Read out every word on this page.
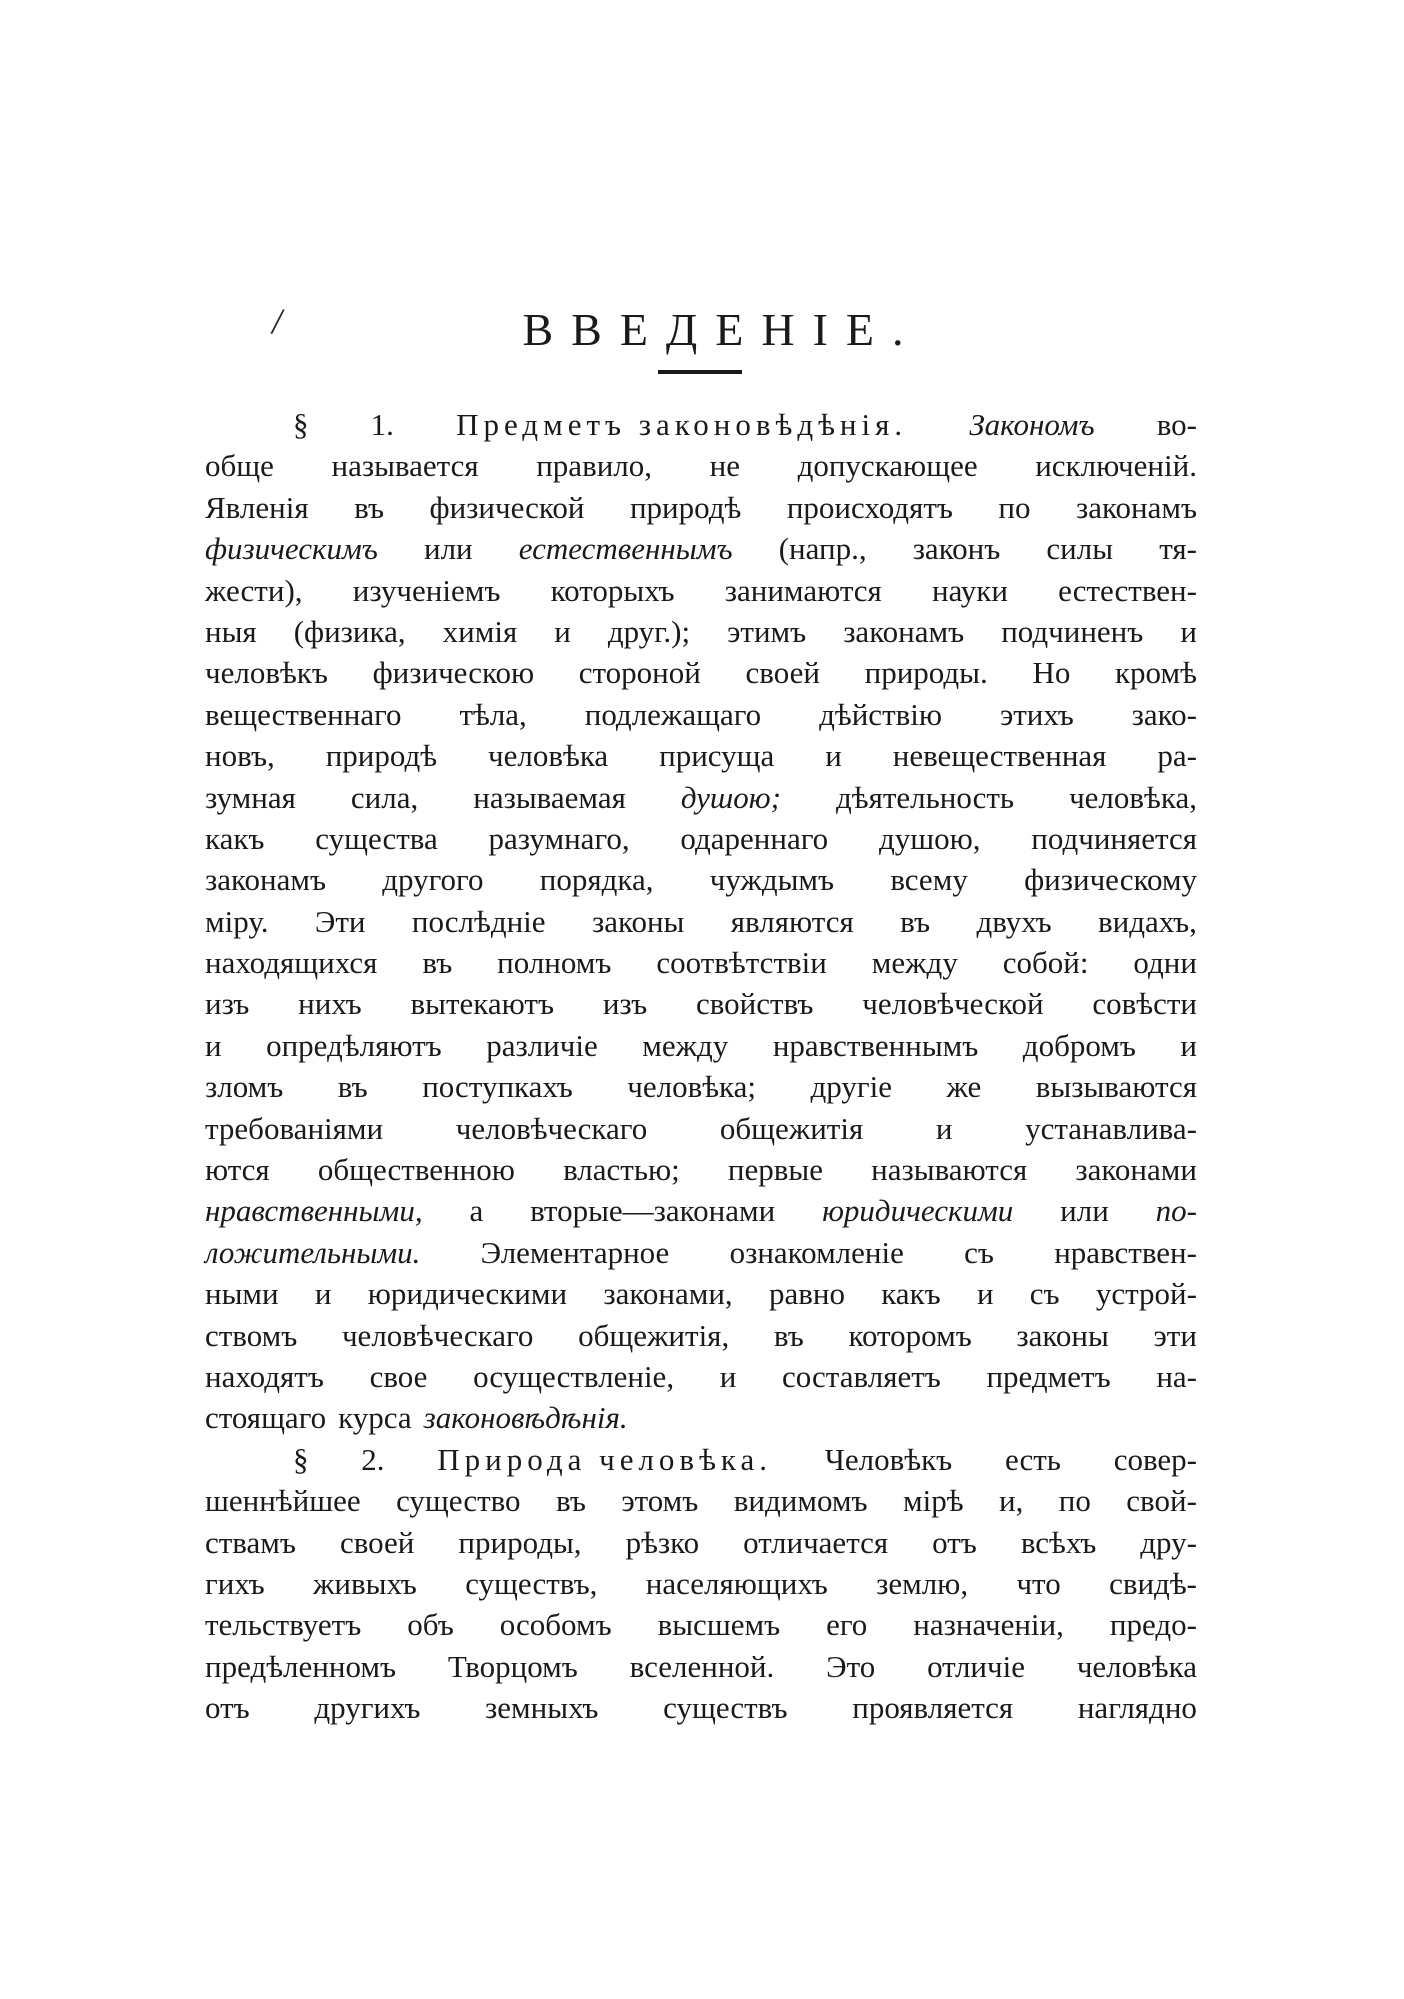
/	ВВЕДЕНІЕ.
§ 1. Предметъ законовѣдѣнія. Закономъ во-
обще называется правило, не допускающее исключеній.
Явленія въ физической природѣ происходятъ по законамъ
физическимъ или естественнымъ (напр., законъ силы тя-
жести), изученіемъ которыхъ занимаются науки естествен-
ныя (физика, химія и друг.); этимъ законамъ подчиненъ и
человѣкъ физическою стороной своей природы. Но кромѣ
вещественнаго тѣла, подлежащаго дѣйствію этихъ зако-
новъ, природѣ человѣка присуща и невещественная ра-
зумная сила, называемая душою; дѣятельность человѣка,
какъ существа разумнаго, одареннаго душою, подчиняется
законамъ другого порядка, чуждымъ всему физическому
міру. Эти послѣдніе законы являются въ двухъ видахъ,
находящихся въ полномъ соотвѣтствіи между собой: одни
изъ нихъ вытекаютъ изъ свойствъ человѣческой совѣсти
и опредѣляютъ различіе между нравственнымъ добромъ и
зломъ въ поступкахъ человѣка; другіе же вызываются
требованіями человѣческаго общежитія и устанавлива-
ются общественною властью; первые называются законами
нравственными, а вторые—законами юридическими или по-
ложительными. Элементарное ознакомленіе съ нравствен-
ными и юридическими законами, равно какъ и съ устрой-
ствомъ человѣческаго общежитія, въ которомъ законы эти
находятъ свое осуществленіе, и составляетъ предметъ на-
стоящаго курса законовѣдѣнія.
§ 2. Природа человѣка. Человѣкъ есть совер-
шеннѣйшее существо въ этомъ видимомъ мірѣ и, по свой-
ствамъ своей природы, рѣзко отличается отъ всѣхъ дру-
гихъ живыхъ существъ, населяющихъ землю, что свидѣ-
тельствуетъ объ особомъ высшемъ его назначеніи, предо-
предѣленномъ Творцомъ вселенной. Это отличіе человѣка
отъ другихъ земныхъ существъ проявляется наглядно
